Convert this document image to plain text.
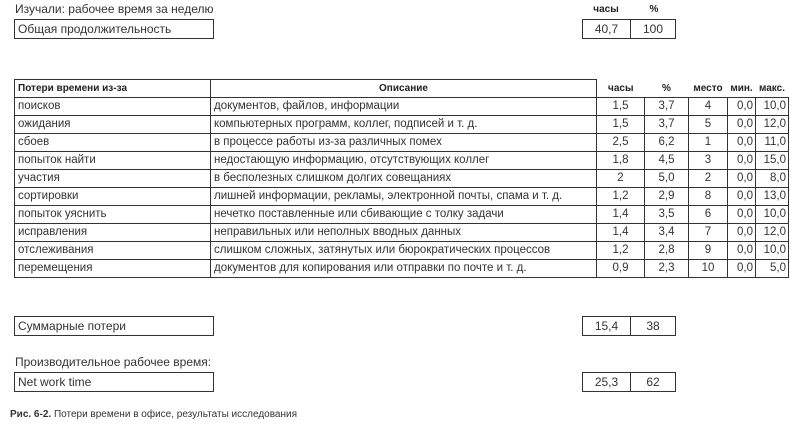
Изучали: рабочее время за неделю	часы	%
Общая продолжительность	40,7	100
Потери времени из-за	Описание	часы	%	место	мин.	макс.
поисков	документов, файлов, информации	1,5	3,7	4	0,0	10,0
ожидания	компьютерных программ, коллег, подписей и т. д.	1,5	3,7	5	0,0	12,0
сбоев	в процессе работы из-за различных помех	2,5	6,2	1	0,0	11,0
попыток найти	недостающую информацию, отсутствующих коллег	1,8	4,5	3	0,0	15,0
участия	в бесполезных слишком долгих совещаниях	2	5,0	2	0,0	8,0
сортировки	лишней информации, рекламы, электронной почты, спама и т. д.	1,2	2,9	8	0,0	13,0
попыток уяснить	нечетко поставленные или сбивающие с толку задачи	1,4	3,5	6	0,0	10,0
исправления	неправильных или неполных вводных данных	1,4	3,4	7	0,0	12,0
отслеживания	слишком сложных, затянутых или бюрократических процессов	1,2	2,8	9	0,0	10,0
перемещения	документов для копирования или отправки по почте и т. д.	0,9	2,3	10	0,0	5,0
Суммарные потери	15,4	38
Производительное рабочее время:
Net work time	25,3	62
Рис. 6-2. Потери времени в офисе, результаты исследования
